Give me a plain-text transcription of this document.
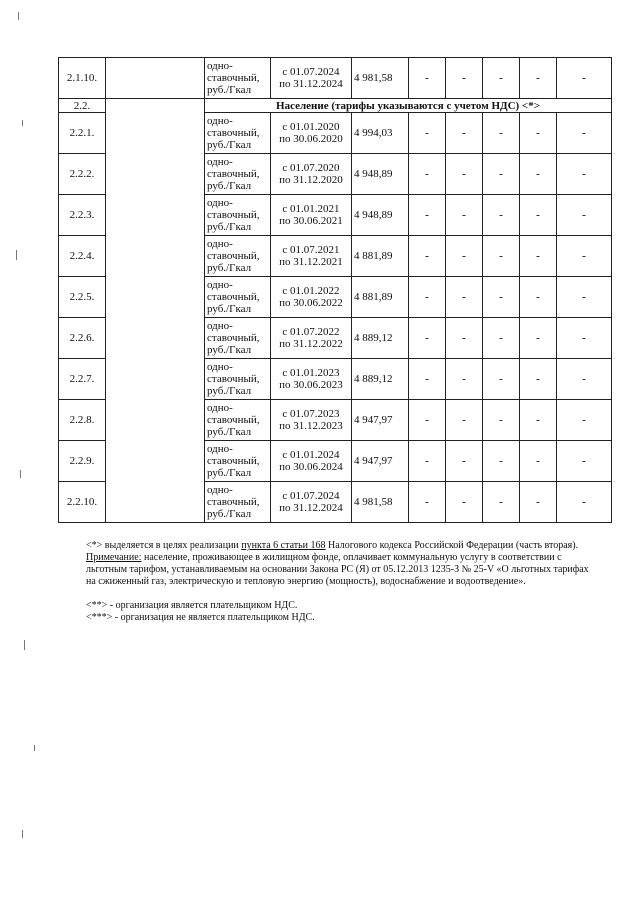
2.1.10.		одно-ставочный, руб./Гкал	с 01.07.2024
по 31.12.2024	4 981,58	-	-	-	-	-
2.2.		Население (тарифы указываются с учетом НДС) <*>							
2.2.1.		одно-ставочный, руб./Гкал	с 01.01.2020
по 30.06.2020	4 994,03	-	-	-	-	-
2.2.2.		одно-ставочный, руб./Гкал	с 01.07.2020
по 31.12.2020	4 948,89	-	-	-	-	-
2.2.3.		одно-ставочный, руб./Гкал	с 01.01.2021
по 30.06.2021	4 948,89	-	-	-	-	-
2.2.4.		одно-ставочный, руб./Гкал	с 01.07.2021
по 31.12.2021	4 881,89	-	-	-	-	-
2.2.5.		одно-ставочный, руб./Гкал	с 01.01.2022
по 30.06.2022	4 881,89	-	-	-	-	-
2.2.6.		одно-ставочный, руб./Гкал	с 01.07.2022
по 31.12.2022	4 889,12	-	-	-	-	-
2.2.7.		одно-ставочный, руб./Гкал	с 01.01.2023
по 30.06.2023	4 889,12	-	-	-	-	-
2.2.8.		одно-ставочный, руб./Гкал	с 01.07.2023
по 31.12.2023	4 947,97	-	-	-	-	-
2.2.9.		одно-ставочный, руб./Гкал	с 01.01.2024
по 30.06.2024	4 947,97	-	-	-	-	-
2.2.10.		одно-ставочный, руб./Гкал	с 01.07.2024
по 31.12.2024	4 981,58	-	-	-	-	-

<*> выделяется в целях реализации пункта 6 статьи 168 Налогового кодекса Российской Федерации (часть вторая).

Примечание: население, проживающее в жилищном фонде, оплачивает коммунальную услугу в соответствии с льготным тарифом, устанавливаемым на основании Закона РС (Я) от 05.12.2013 1235-З № 25-V «О льготных тарифах на сжиженный газ, электрическую и тепловую энергию (мощность), водоснабжение и водоотведение».

<**> - организация является плательщиком НДС.

<***> - организация не является плательщиком НДС.
